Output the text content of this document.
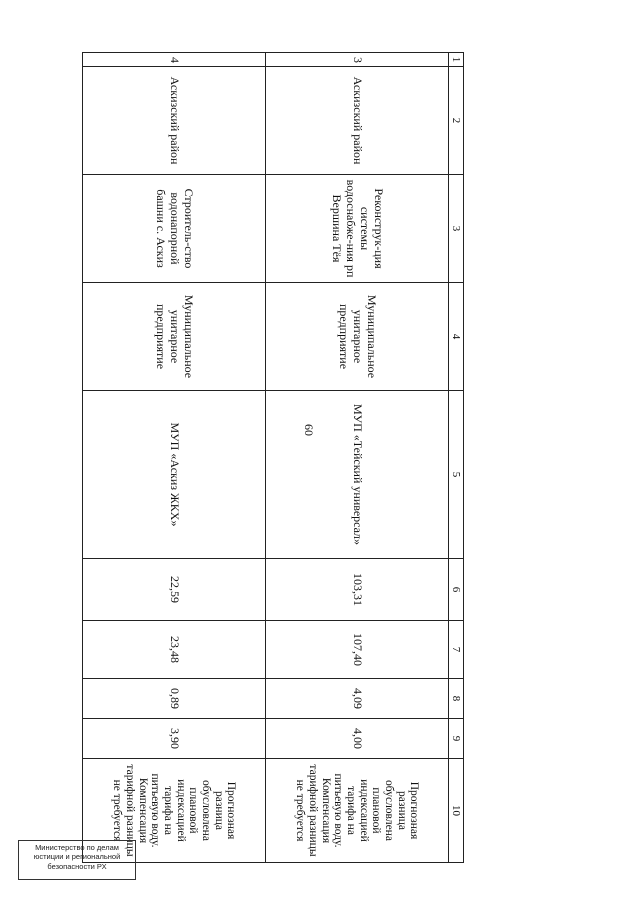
60
1	2	3	4	5	6	7	8	9	10
3	Аскизский район	Реконструк-ция системы водоснабже-ния рп Вершина Тёя	Муниципальное унитарное предприятие	МУП «Тейский универсал»	103,31	107,40	4,09	4,00	Прогнозная разница обусловлена плановой индексацией тарифа на питьевую воду. Компенсация тарифной разницы не требуется
4	Аскизский район	Строитель-ство водонапорной башни с. Аскиз	Муниципальное унитарное предприятие	МУП «Аскиз ЖКХ»	22,59	23,48	0,89	3,90	Прогнозная разница обусловлена плановой индексацией тарифа на питьевую воду. Компенсация тарифной разницы не требуется
Министерство по делам
юстиции и региональной
безопасности РХ
